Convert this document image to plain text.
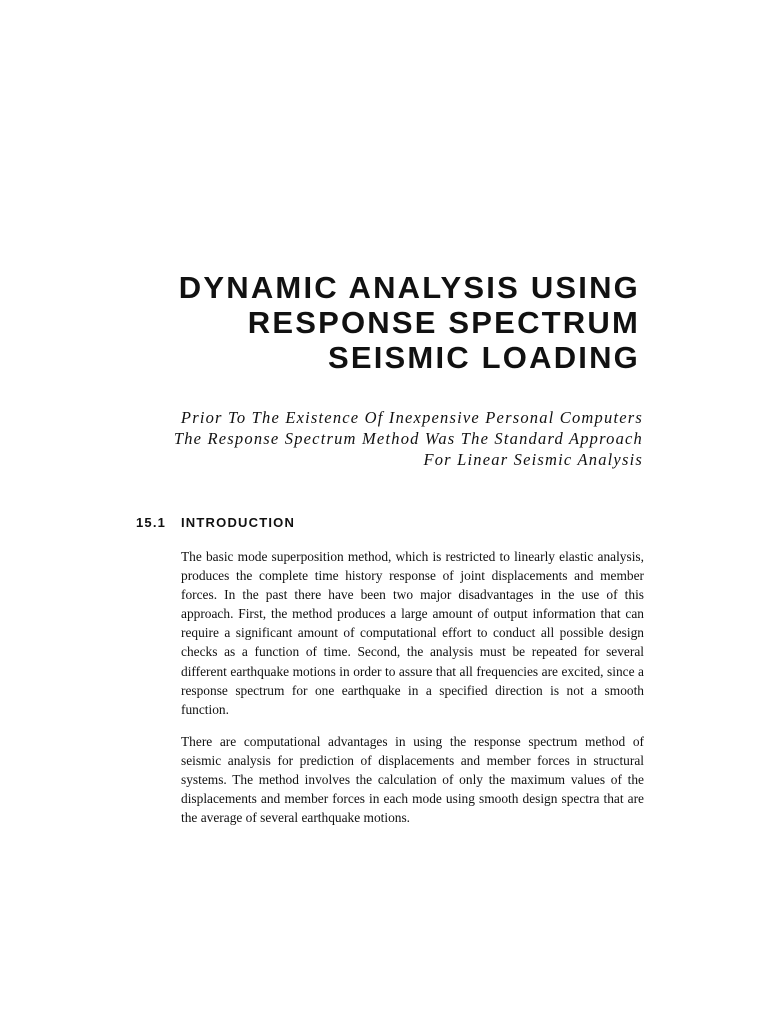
DYNAMIC ANALYSIS USING
RESPONSE SPECTRUM
SEISMIC LOADING
Prior To The Existence Of Inexpensive Personal Computers
The Response Spectrum Method Was The Standard Approach
For Linear Seismic Analysis
15.1 INTRODUCTION

The basic mode superposition method, which is restricted to linearly elastic analysis, produces the complete time history response of joint displacements and member forces. In the past there have been two major disadvantages in the use of this approach. First, the method produces a large amount of output information that can require a significant amount of computational effort to conduct all possible design checks as a function of time. Second, the analysis must be repeated for several different earthquake motions in order to assure that all frequencies are excited, since a response spectrum for one earthquake in a specified direction is not a smooth function.

There are computational advantages in using the response spectrum method of seismic analysis for prediction of displacements and member forces in structural systems. The method involves the calculation of only the maximum values of the displacements and member forces in each mode using smooth design spectra that are the average of several earthquake motions.
